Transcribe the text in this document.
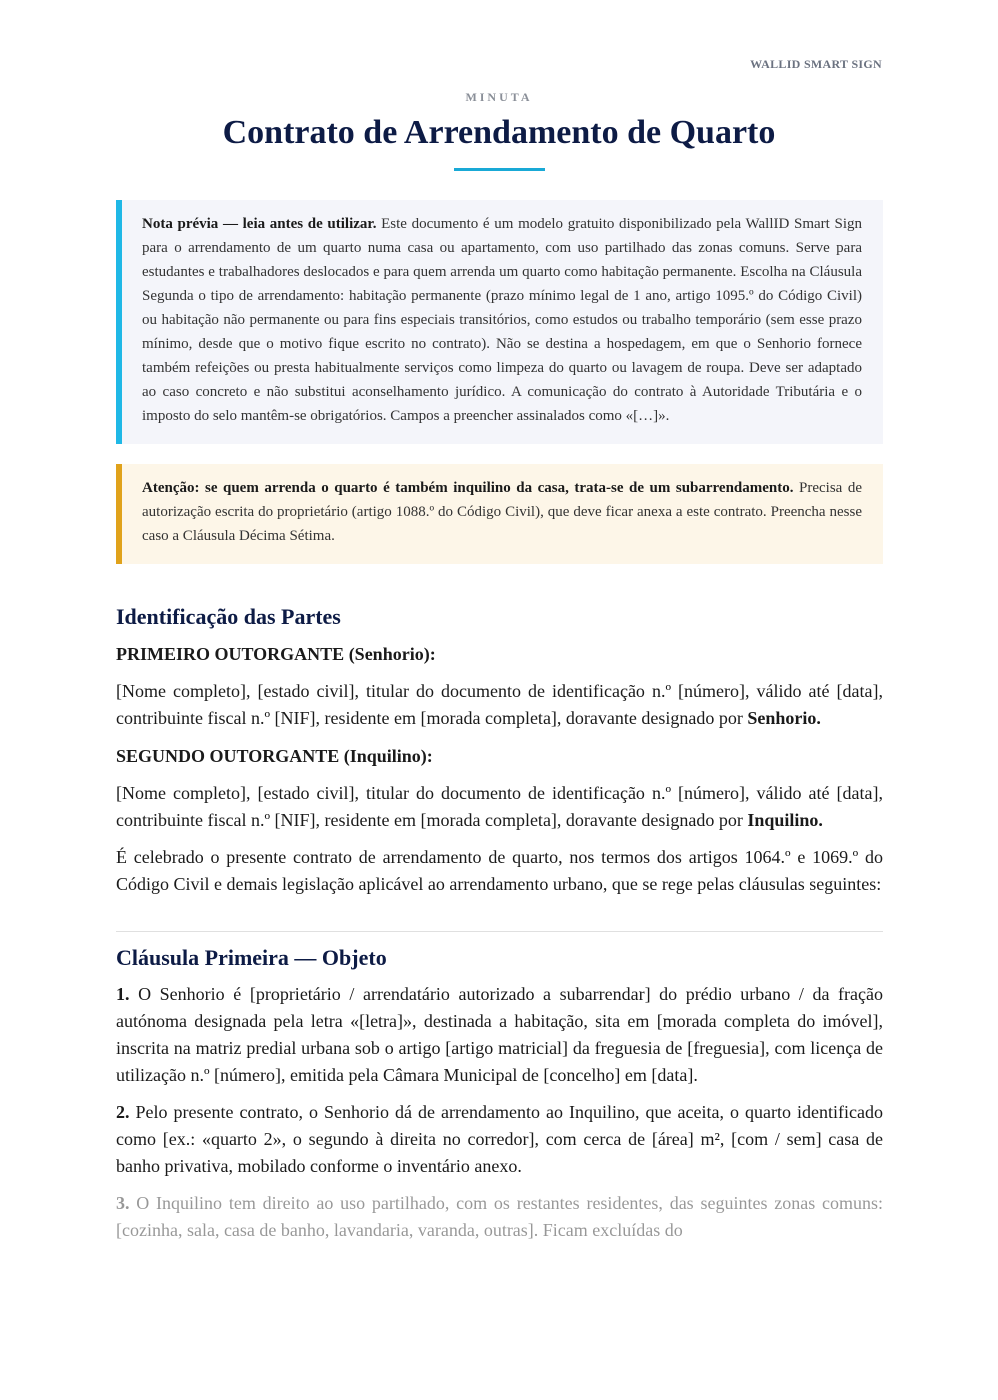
WALLID SMART SIGN
MINUTA
Contrato de Arrendamento de Quarto
Nota prévia — leia antes de utilizar. Este documento é um modelo gratuito disponibilizado pela WallID Smart Sign para o arrendamento de um quarto numa casa ou apartamento, com uso partilhado das zonas comuns. Serve para estudantes e trabalhadores deslocados e para quem arrenda um quarto como habitação permanente. Escolha na Cláusula Segunda o tipo de arrendamento: habitação permanente (prazo mínimo legal de 1 ano, artigo 1095.º do Código Civil) ou habitação não permanente ou para fins especiais transitórios, como estudos ou trabalho temporário (sem esse prazo mínimo, desde que o motivo fique escrito no contrato). Não se destina a hospedagem, em que o Senhorio fornece também refeições ou presta habitualmente serviços como limpeza do quarto ou lavagem de roupa. Deve ser adaptado ao caso concreto e não substitui aconselhamento jurídico. A comunicação do contrato à Autoridade Tributária e o imposto do selo mantêm-se obrigatórios. Campos a preencher assinalados como «[…]».
Atenção: se quem arrenda o quarto é também inquilino da casa, trata-se de um subarrendamento. Precisa de autorização escrita do proprietário (artigo 1088.º do Código Civil), que deve ficar anexa a este contrato. Preencha nesse caso a Cláusula Décima Sétima.
Identificação das Partes

PRIMEIRO OUTORGANTE (Senhorio):

[Nome completo], [estado civil], titular do documento de identificação n.º [número], válido até [data], contribuinte fiscal n.º [NIF], residente em [morada completa], doravante designado por Senhorio.

SEGUNDO OUTORGANTE (Inquilino):

[Nome completo], [estado civil], titular do documento de identificação n.º [número], válido até [data], contribuinte fiscal n.º [NIF], residente em [morada completa], doravante designado por Inquilino.

É celebrado o presente contrato de arrendamento de quarto, nos termos dos artigos 1064.º e 1069.º do Código Civil e demais legislação aplicável ao arrendamento urbano, que se rege pelas cláusulas seguintes:

Cláusula Primeira — Objeto

1. O Senhorio é [proprietário / arrendatário autorizado a subarrendar] do prédio urbano / da fração autónoma designada pela letra «[letra]», destinada a habitação, sita em [morada completa do imóvel], inscrita na matriz predial urbana sob o artigo [artigo matricial] da freguesia de [freguesia], com licença de utilização n.º [número], emitida pela Câmara Municipal de [concelho] em [data].

2. Pelo presente contrato, o Senhorio dá de arrendamento ao Inquilino, que aceita, o quarto identificado como [ex.: «quarto 2», o segundo à direita no corredor], com cerca de [área] m², [com / sem] casa de banho privativa, mobilado conforme o inventário anexo.

3. O Inquilino tem direito ao uso partilhado, com os restantes residentes, das seguintes zonas comuns: [cozinha, sala, casa de banho, lavandaria, varanda, outras]. Ficam excluídas do
